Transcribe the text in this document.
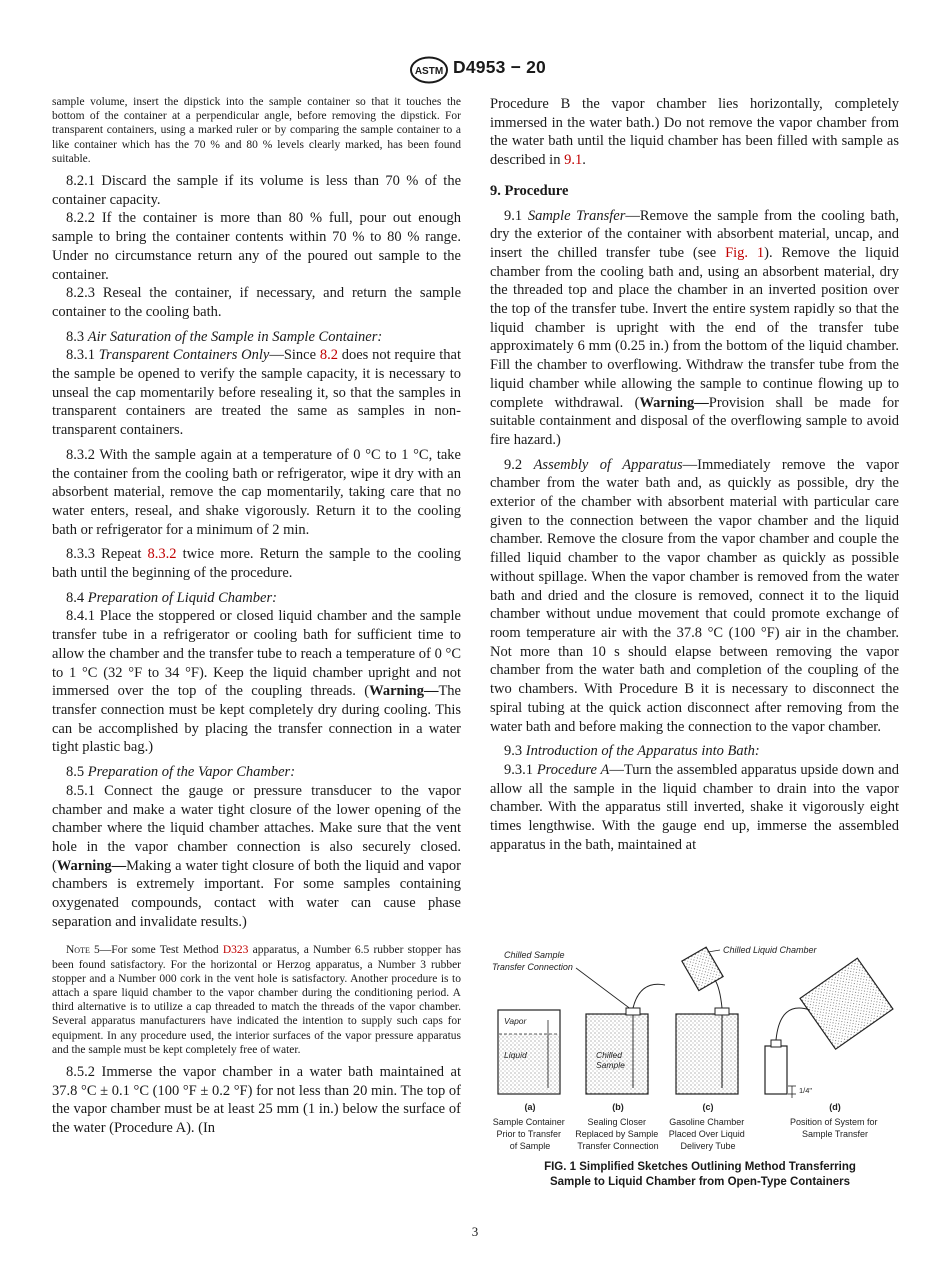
ASTM D4953 − 20

sample volume, insert the dipstick into the sample container so that it touches the bottom of the container at a perpendicular angle, before removing the dipstick. For transparent containers, using a marked ruler or by comparing the sample container to a like container which has the 70 % and 80 % levels clearly marked, has been found suitable.

8.2.1 Discard the sample if its volume is less than 70 % of the container capacity.

8.2.2 If the container is more than 80 % full, pour out enough sample to bring the container contents within 70 % to 80 % range. Under no circumstance return any of the poured out sample to the container.

8.2.3 Reseal the container, if necessary, and return the sample container to the cooling bath.

8.3 Air Saturation of the Sample in Sample Container:

8.3.1 Transparent Containers Only—Since 8.2 does not require that the sample be opened to verify the sample capacity, it is necessary to unseal the cap momentarily before resealing it, so that the samples in transparent containers are treated the same as samples in non-transparent containers.

8.3.2 With the sample again at a temperature of 0 °C to 1 °C, take the container from the cooling bath or refrigerator, wipe it dry with an absorbent material, remove the cap momentarily, taking care that no water enters, reseal, and shake vigorously. Return it to the cooling bath or refrigerator for a minimum of 2 min.

8.3.3 Repeat 8.3.2 twice more. Return the sample to the cooling bath until the beginning of the procedure.

8.4 Preparation of Liquid Chamber:

8.4.1 Place the stoppered or closed liquid chamber and the sample transfer tube in a refrigerator or cooling bath for sufficient time to allow the chamber and the transfer tube to reach a temperature of 0 °C to 1 °C (32 °F to 34 °F). Keep the liquid chamber upright and not immersed over the top of the coupling threads. (Warning—The transfer connection must be kept completely dry during cooling. This can be accomplished by placing the transfer connection in a water tight plastic bag.)

8.5 Preparation of the Vapor Chamber:

8.5.1 Connect the gauge or pressure transducer to the vapor chamber and make a water tight closure of the lower opening of the chamber where the liquid chamber attaches. Make sure that the vent hole in the vapor chamber connection is also securely closed. (Warning—Making a water tight closure of both the liquid and vapor chambers is extremely important. For some samples containing oxygenated compounds, contact with water can cause phase separation and invalidate results.)

Note 5—For some Test Method D323 apparatus, a Number 6.5 rubber stopper has been found satisfactory. For the horizontal or Herzog apparatus, a Number 3 rubber stopper and a Number 000 cork in the vent hole is satisfactory. Another procedure is to attach a spare liquid chamber to the vapor chamber during the conditioning period. A third alternative is to utilize a cap threaded to match the threads of the vapor chamber. Several apparatus manufacturers have indicated the intention to supply such caps for equipment. In any procedure used, the interior surfaces of the vapor pressure apparatus and the sample must be kept completely free of water.

8.5.2 Immerse the vapor chamber in a water bath maintained at 37.8 °C ± 0.1 °C (100 °F ± 0.2 °F) for not less than 20 min. The top of the vapor chamber must be at least 25 mm (1 in.) below the surface of the water (Procedure A). (In

Procedure B the vapor chamber lies horizontally, completely immersed in the water bath.) Do not remove the vapor chamber from the water bath until the liquid chamber has been filled with sample as described in 9.1.

9. Procedure

9.1 Sample Transfer—Remove the sample from the cooling bath, dry the exterior of the container with absorbent material, uncap, and insert the chilled transfer tube (see Fig. 1). Remove the liquid chamber from the cooling bath and, using an absorbent material, dry the threaded top and place the chamber in an inverted position over the top of the transfer tube. Invert the entire system rapidly so that the liquid chamber is upright with the end of the transfer tube approximately 6 mm (0.25 in.) from the bottom of the liquid chamber. Fill the chamber to overflowing. Withdraw the transfer tube from the liquid chamber while allowing the sample to continue flowing up to complete withdrawal. (Warning—Provision shall be made for suitable containment and disposal of the overflowing sample to avoid fire hazard.)

9.2 Assembly of Apparatus—Immediately remove the vapor chamber from the water bath and, as quickly as possible, dry the exterior of the chamber with absorbent material with particular care given to the connection between the vapor chamber and the liquid chamber. Remove the closure from the vapor chamber and couple the filled liquid chamber to the vapor chamber as quickly as possible without spillage. When the vapor chamber is removed from the water bath and dried and the closure is removed, connect it to the liquid chamber without undue movement that could promote exchange of room temperature air with the 37.8 °C (100 °F) air in the chamber. Not more than 10 s should elapse between removing the vapor chamber from the water bath and completion of the coupling of the two chambers. With Procedure B it is necessary to disconnect the spiral tubing at the quick action disconnect after removing from the water bath and before making the connection to the vapor chamber.

9.3 Introduction of the Apparatus into Bath:

9.3.1 Procedure A—Turn the assembled apparatus upside down and allow all the sample in the liquid chamber to drain into the vapor chamber. With the apparatus still inverted, shake it vigorously eight times lengthwise. With the gauge end up, immerse the assembled apparatus in the bath, maintained at

Chilled Sample Transfer Connection
Chilled Liquid Chamber
Vapor
Liquid	Chilled Sample
1/4"
(a)	(b)	(c)	(d)
Sample Container Prior to Transfer of Sample
Sealing Closer Replaced by Sample Transfer Connection
Gasoline Chamber Placed Over Liquid Delivery Tube
Position of System for Sample Transfer
FIG. 1 Simplified Sketches Outlining Method Transferring
Sample to Liquid Chamber from Open-Type Containers
3
